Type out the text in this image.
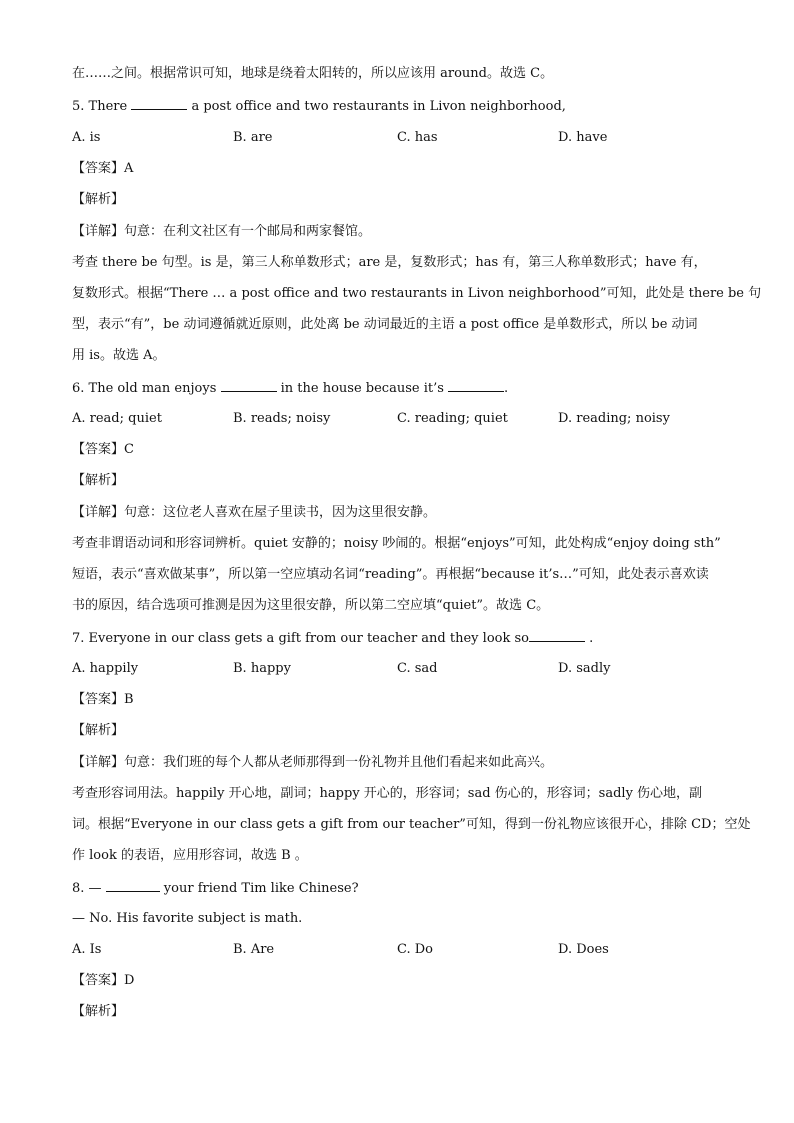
在……之间。根据常识可知，地球是绕着太阳转的，所以应该用 around。故选 C。
5. There	a post office and two restaurants in Livon neighborhood,
A. is	B. are	C. has	D. have
【答案】A
【解析】
【详解】句意：在利文社区有一个邮局和两家餐馆。
考查 there be 句型。is 是，第三人称单数形式；are 是，复数形式；has 有，第三人称单数形式；have 有，
复数形式。根据“There … a post office and two restaurants in Livon neighborhood”可知，此处是 there be 句
型，表示“有”，be 动词遵循就近原则，此处离 be 动词最近的主语 a post office 是单数形式，所以 be 动词
用 is。故选 A。
6. The old man enjoys	in the house because it’s	.
A. read; quiet	B. reads; noisy	C. reading; quiet	D. reading; noisy
【答案】C
【解析】
【详解】句意：这位老人喜欢在屋子里读书，因为这里很安静。
考查非谓语动词和形容词辨析。quiet 安静的；noisy 吵闹的。根据“enjoys”可知，此处构成“enjoy doing sth”
短语，表示“喜欢做某事”，所以第一空应填动名词“reading”。再根据“because it’s…”可知，此处表示喜欢读
书的原因，结合选项可推测是因为这里很安静，所以第二空应填“quiet”。故选 C。
7. Everyone in our class gets a gift from our teacher and they look so	.
A. happily	B. happy	C. sad	D. sadly
【答案】B
【解析】
【详解】句意：我们班的每个人都从老师那得到一份礼物并且他们看起来如此高兴。
考查形容词用法。happily 开心地，副词；happy 开心的，形容词；sad 伤心的，形容词；sadly 伤心地，副
词。根据“Everyone in our class gets a gift from our teacher”可知，得到一份礼物应该很开心，排除 CD；空处
作 look 的表语，应用形容词，故选 B 。
8. —	your friend Tim like Chinese?
— No. His favorite subject is math.
A. Is	B. Are	C. Do	D. Does
【答案】D
【解析】
